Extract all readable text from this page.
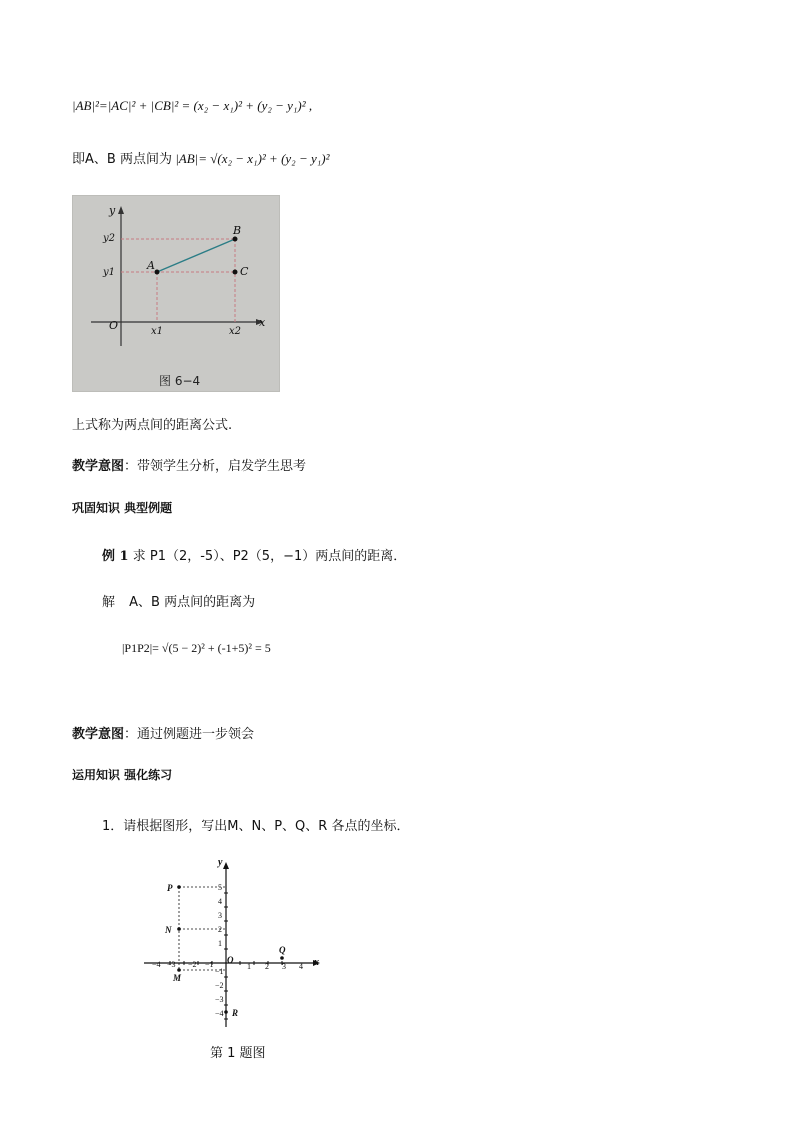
|AB|²=|AC|² + |CB|² = (x₂ − x₁)² + (y₂ − y₁)² ,
即A、B 两点间为 |AB|= √(x₂ − x₁)² + (y₂ − y₁)²
y
x
O
y2
y1
x1	x2
A
B
C
图 6−4
上式称为两点间的距离公式.
教学意图：带领学生分析，启发学生思考
巩固知识 典型例题
例 1 求 P1（2，-5）、P2（5，−1）两点间的距离．
解 A、B 两点间的距离为
|P1P2|= √(5 − 2)² + (-1+5)² = 5
教学意图：通过例题进一步领会
运用知识 强化练习
1．请根据图形，写出M、N、P、Q、R 各点的坐标．
y
x
O
−4 −3 −2 −1	1 2 3 4
5
4
3
2
1
−1
−2
−3
−4
P
N
M
Q
R
第 1 题图
